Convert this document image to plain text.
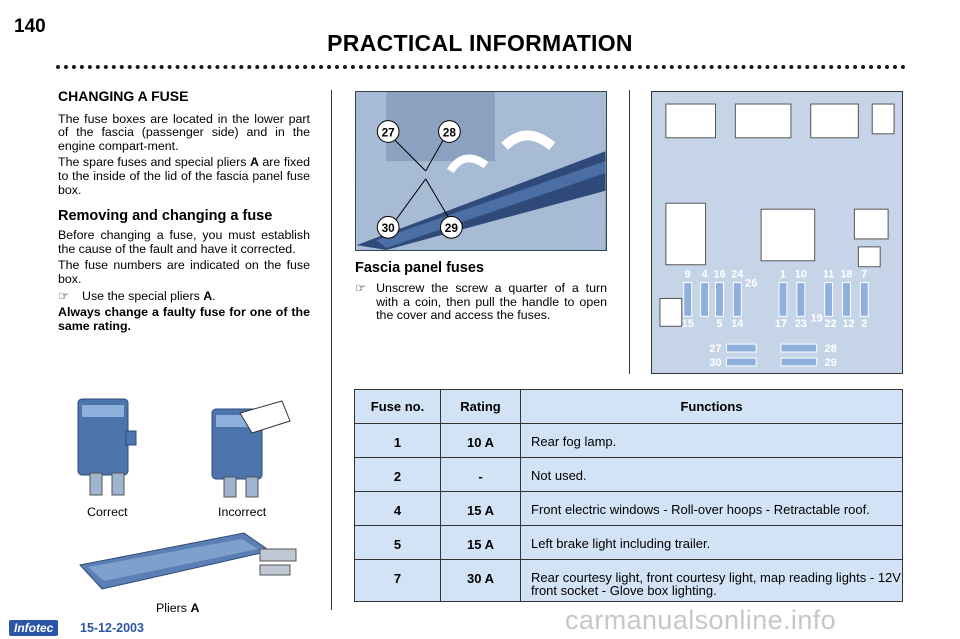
140
PRACTICAL INFORMATION
CHANGING A FUSE

The fuse boxes are located in the lower part of the fascia (passenger side) and in the engine compart-ment.

The spare fuses and special pliers A are fixed to the inside of the lid of the fascia panel fuse box.

Removing and changing a fuse

Before changing a fuse, you must establish the cause of the fault and have it corrected.

The fuse numbers are indicated on the fuse box.

☞ Use the special pliers A.

Always change a faulty fuse for one of the same rating.

Correct	Incorrect
Pliers A
27	28
30	29
Fascia panel fuses
☞ Unscrew the screw a quarter of a turn with a coin, then pull the handle to open the cover and access the fuses.
9 4 16 24	1 10 11 18 7
15 5 14	17 23 19 22 12 2
26
27	28
30	29
Fuse no.	Rating	Functions
1	10 A	Rear fog lamp.
2	-	Not used.
4	15 A	Front electric windows - Roll-over hoops - Retractable roof.
5	15 A	Left brake light including trailer.
7	30 A	Rear courtesy light, front courtesy light, map reading lights - 12V front socket - Glove box lighting.
Infotec	15-12-2003	carmanualsonline.info
